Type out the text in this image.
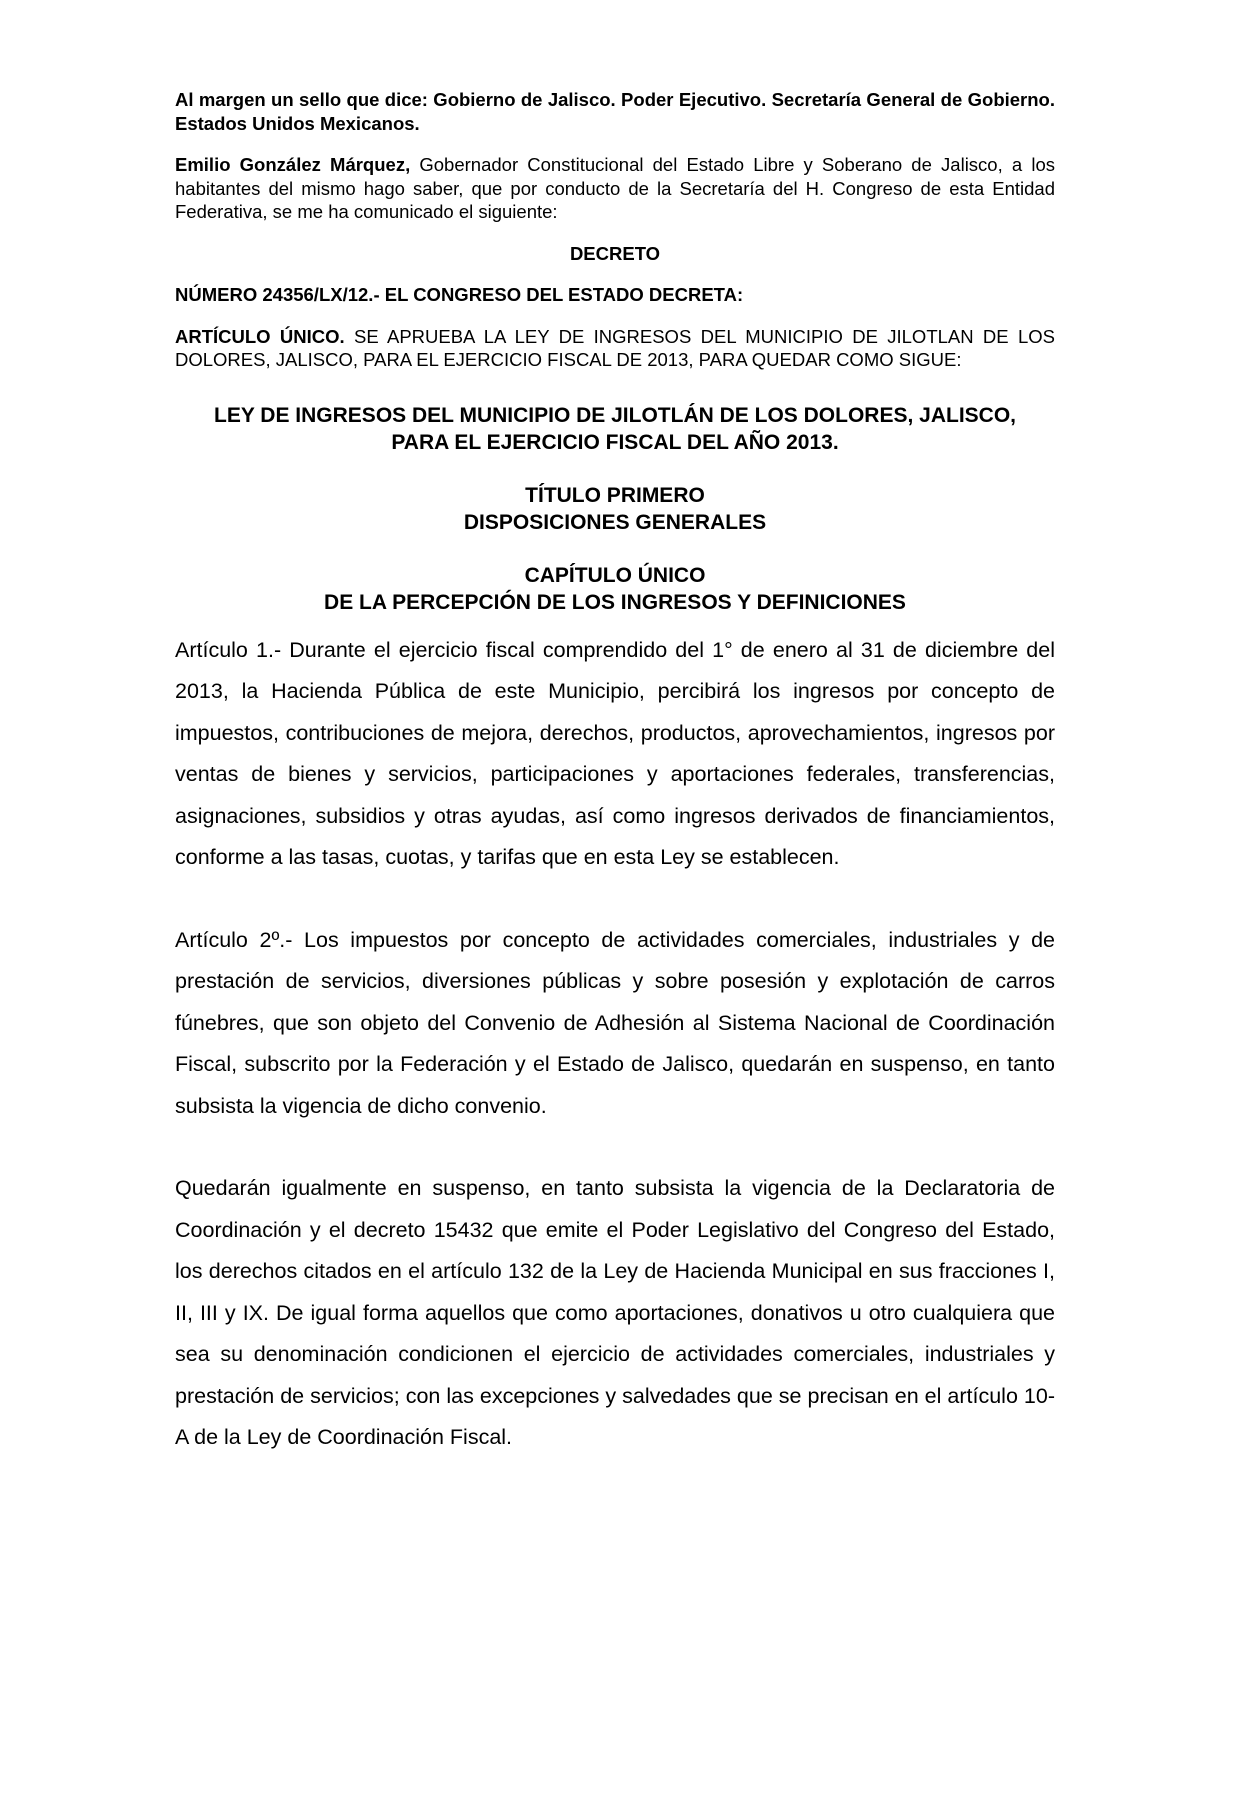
Al margen un sello que dice: Gobierno de Jalisco. Poder Ejecutivo. Secretaría General de Gobierno. Estados Unidos Mexicanos.

Emilio González Márquez, Gobernador Constitucional del Estado Libre y Soberano de Jalisco, a los habitantes del mismo hago saber, que por conducto de la Secretaría del H. Congreso de esta Entidad Federativa, se me ha comunicado el siguiente:

DECRETO

NÚMERO 24356/LX/12.- EL CONGRESO DEL ESTADO DECRETA:

ARTÍCULO ÚNICO. SE APRUEBA LA LEY DE INGRESOS DEL MUNICIPIO DE JILOTLAN DE LOS DOLORES, JALISCO, PARA EL EJERCICIO FISCAL DE 2013, PARA QUEDAR COMO SIGUE:

LEY DE INGRESOS DEL MUNICIPIO DE JILOTLÁN DE LOS DOLORES, JALISCO,
PARA EL EJERCICIO FISCAL DEL AÑO 2013.
TÍTULO PRIMERO
DISPOSICIONES GENERALES
CAPÍTULO ÚNICO
DE LA PERCEPCIÓN DE LOS INGRESOS Y DEFINICIONES

Artículo 1.- Durante el ejercicio fiscal comprendido del 1° de enero al 31 de diciembre del 2013, la Hacienda Pública de este Municipio, percibirá los ingresos por concepto de impuestos, contribuciones de mejora, derechos, productos, aprovechamientos, ingresos por ventas de bienes y servicios, participaciones y aportaciones federales, transferencias, asignaciones, subsidios y otras ayudas, así como ingresos derivados de financiamientos, conforme a las tasas, cuotas, y tarifas que en esta Ley se establecen.

Artículo 2º.- Los impuestos por concepto de actividades comerciales, industriales y de prestación de servicios, diversiones públicas y sobre posesión y explotación de carros fúnebres, que son objeto del Convenio de Adhesión al Sistema Nacional de Coordinación Fiscal, subscrito por la Federación y el Estado de Jalisco, quedarán en suspenso, en tanto subsista la vigencia de dicho convenio.

Quedarán igualmente en suspenso, en tanto subsista la vigencia de la Declaratoria de Coordinación y el decreto 15432 que emite el Poder Legislativo del Congreso del Estado, los derechos citados en el artículo 132 de la Ley de Hacienda Municipal en sus fracciones I, II, III y IX. De igual forma aquellos que como aportaciones, donativos u otro cualquiera que sea su denominación condicionen el ejercicio de actividades comerciales, industriales y prestación de servicios; con las excepciones y salvedades que se precisan en el artículo 10-A de la Ley de Coordinación Fiscal.
